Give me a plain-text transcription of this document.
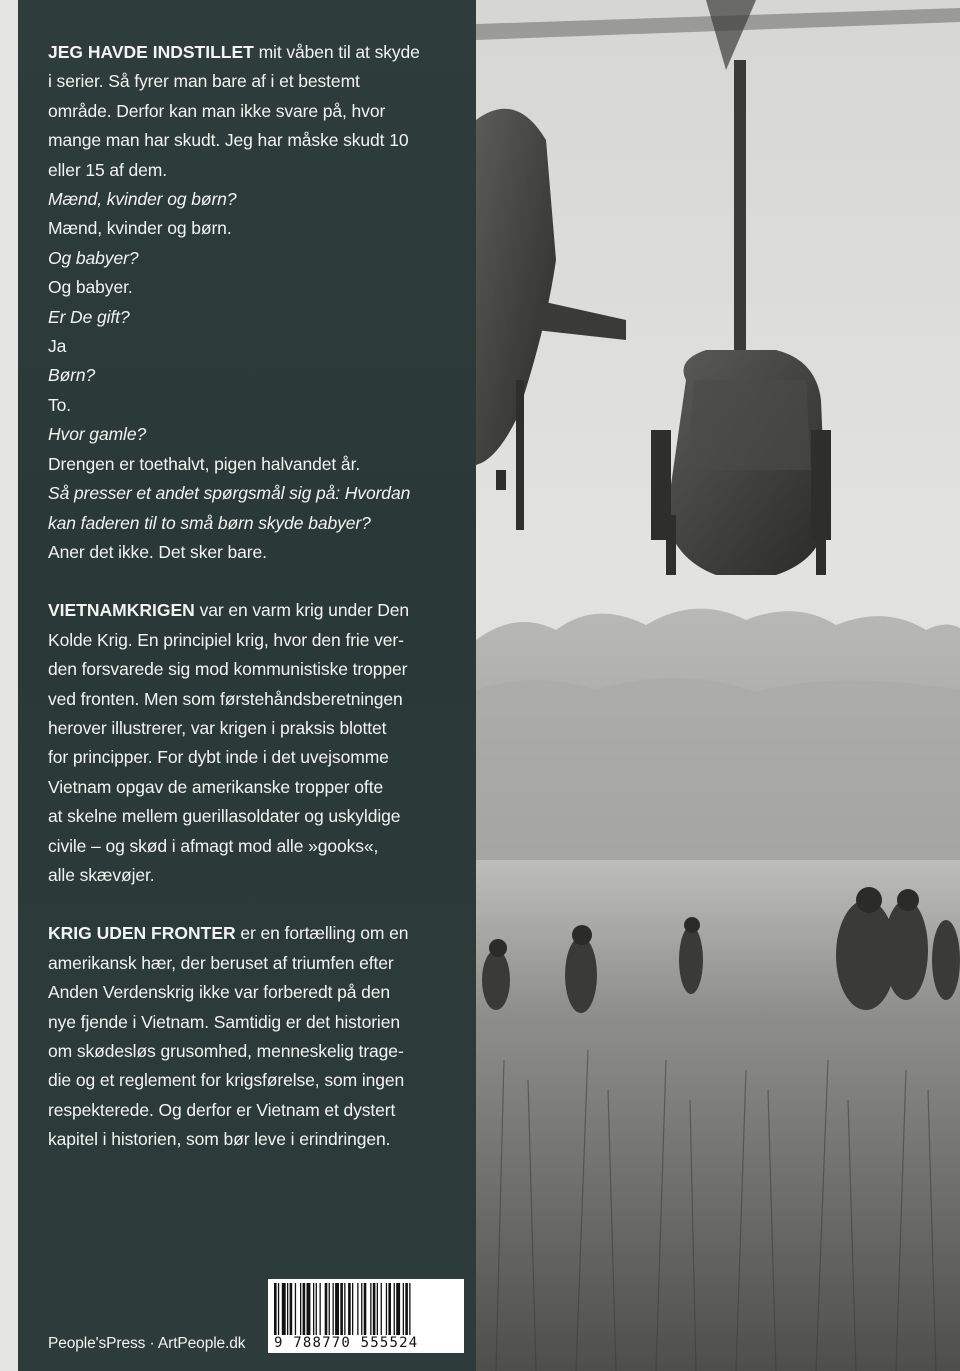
JEG HAVDE INDSTILLET mit våben til at skyde

i serier. Så fyrer man bare af i et bestemt

område. Derfor kan man ikke svare på, hvor

mange man har skudt. Jeg har måske skudt 10

eller 15 af dem.

Mænd, kvinder og børn?

Mænd, kvinder og børn.

Og babyer?

Og babyer.

Er De gift?

Ja

Børn?

To.

Hvor gamle?

Drengen er toethalvt, pigen halvandet år.

Så presser et andet spørgsmål sig på: Hvordan

kan faderen til to små børn skyde babyer?

Aner det ikke. Det sker bare.

VIETNAMKRIGEN var en varm krig under Den

Kolde Krig. En principiel krig, hvor den frie ver-

den forsvarede sig mod kommunistiske tropper

ved fronten. Men som førstehåndsberetningen

herover illustrerer, var krigen i praksis blottet

for principper. For dybt inde i det uvejsomme

Vietnam opgav de amerikanske tropper ofte

at skelne mellem guerillasoldater og uskyldige

civile – og skød i afmagt mod alle »gooks«,

alle skævøjer.

KRIG UDEN FRONTER er en fortælling om en

amerikansk hær, der beruset af triumfen efter

Anden Verdenskrig ikke var forberedt på den

nye fjende i Vietnam. Samtidig er det historien

om skødesløs grusomhed, menneskelig trage-

die og et reglement for krigsførelse, som ingen

respekterede. Og derfor er Vietnam et dystert

kapitel i historien, som bør leve i erindringen.

People'sPress · ArtPeople.dk 9 788770 555524
